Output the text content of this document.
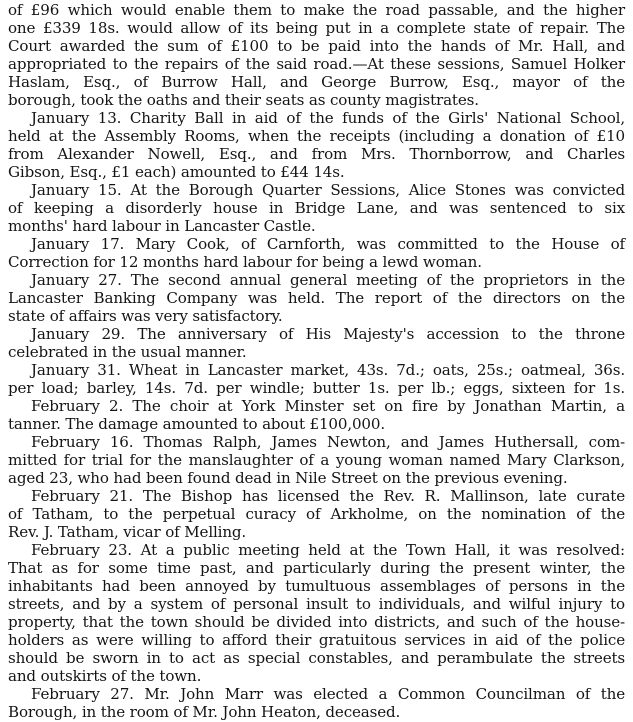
of £96 which would enable them to make the road passable, and the higher
one £339 18s. would allow of its being put in a complete state of repair. The
Court awarded the sum of £100 to be paid into the hands of Mr. Hall, and
appropriated to the repairs of the said road.—At these sessions, Samuel Holker
Haslam, Esq., of Burrow Hall, and George Burrow, Esq., mayor of the
borough, took the oaths and their seats as county magistrates.
January 13. Charity Ball in aid of the funds of the Girls' National School,
held at the Assembly Rooms, when the receipts (including a donation of £10
from Alexander Nowell, Esq., and from Mrs. Thornborrow, and Charles
Gibson, Esq., £1 each) amounted to £44 14s.
January 15. At the Borough Quarter Sessions, Alice Stones was convicted
of keeping a disorderly house in Bridge Lane, and was sentenced to six
months' hard labour in Lancaster Castle.
January 17. Mary Cook, of Carnforth, was committed to the House of
Correction for 12 months hard labour for being a lewd woman.
January 27. The second annual general meeting of the proprietors in the
Lancaster Banking Company was held. The report of the directors on the
state of affairs was very satisfactory.
January 29. The anniversary of His Majesty's accession to the throne
celebrated in the usual manner.
January 31. Wheat in Lancaster market, 43s. 7d.; oats, 25s.; oatmeal, 36s.
per load; barley, 14s. 7d. per windle; butter 1s. per lb.; eggs, sixteen for 1s.
February 2. The choir at York Minster set on fire by Jonathan Martin, a
tanner. The damage amounted to about £100,000.
February 16. Thomas Ralph, James Newton, and James Huthersall, com-
mitted for trial for the manslaughter of a young woman named Mary Clarkson,
aged 23, who had been found dead in Nile Street on the previous evening.
February 21. The Bishop has licensed the Rev. R. Mallinson, late curate
of Tatham, to the perpetual curacy of Arkholme, on the nomination of the
Rev. J. Tatham, vicar of Melling.
February 23. At a public meeting held at the Town Hall, it was resolved:
That as for some time past, and particularly during the present winter, the
inhabitants had been annoyed by tumultuous assemblages of persons in the
streets, and by a system of personal insult to individuals, and wilful injury to
property, that the town should be divided into districts, and such of the house-
holders as were willing to afford their gratuitous services in aid of the police
should be sworn in to act as special constables, and perambulate the streets
and outskirts of the town.
February 27. Mr. John Marr was elected a Common Councilman of the
Borough, in the room of Mr. John Heaton, deceased.
